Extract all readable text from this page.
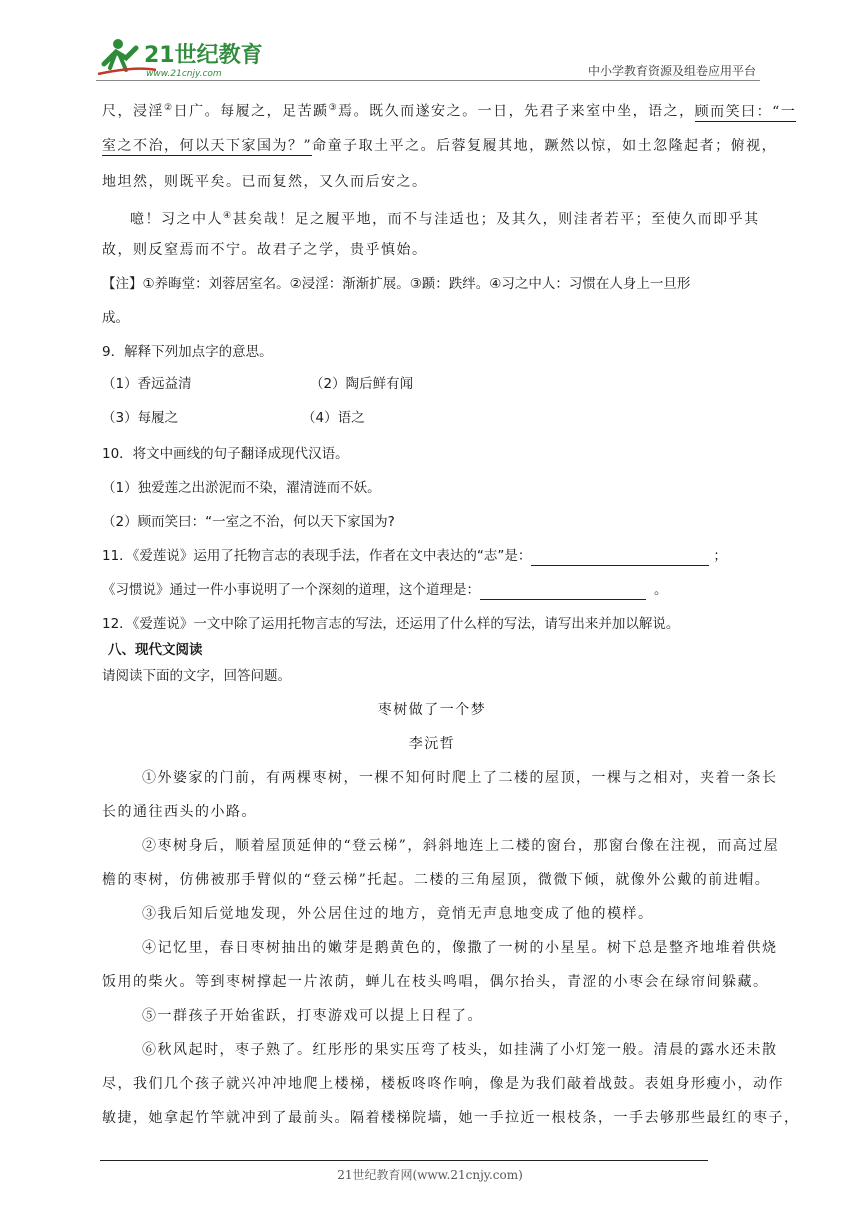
21世纪教育
www.21cnjy.com	中小学教育资源及组卷应用平台
尺，浸淫②日广。每履之，足苦踬③焉。既久而遂安之。一日，先君子来室中坐，语之，顾而笑曰：“一
室之不治，何以天下家国为？”命童子取土平之。后蓉复履其地，蹶然以惊，如土忽隆起者；俯视，
地坦然，则既平矣。已而复然，又久而后安之。
噫！习之中人④甚矣哉！足之履平地，而不与洼适也；及其久，则洼者若平；至使久而即乎其
故，则反窒焉而不宁。故君子之学，贵乎慎始。
【注】①养晦堂：刘蓉居室名。②浸淫：渐渐扩展。③踬：跌绊。④习之中人：习惯在人身上一旦形
成。
9．解释下列加点字的意思。
（1）香远益清	（2）陶后鲜有闻
（3）每履之	（4）语之
10．将文中画线的句子翻译成现代汉语。
（1）独爱莲之出淤泥而不染，濯清涟而不妖。
（2）顾而笑曰：“一室之不治，何以天下家国为?
11．《爱莲说》运用了托物言志的表现手法，作者在文中表达的“志”是：	；
《习惯说》通过一件小事说明了一个深刻的道理，这个道理是：	。
12．《爱莲说》一文中除了运用托物言志的写法，还运用了什么样的写法，请写出来并加以解说。
八、现代文阅读
请阅读下面的文字，回答问题。
枣树做了一个梦
李沅哲
①外婆家的门前，有两棵枣树，一棵不知何时爬上了二楼的屋顶，一棵与之相对，夹着一条长
长的通往西头的小路。
②枣树身后，顺着屋顶延伸的“登云梯”，斜斜地连上二楼的窗台，那窗台像在注视，而高过屋
檐的枣树，仿佛被那手臂似的“登云梯”托起。二楼的三角屋顶，微微下倾，就像外公戴的前进帽。
③我后知后觉地发现，外公居住过的地方，竟悄无声息地变成了他的模样。
④记忆里，春日枣树抽出的嫩芽是鹅黄色的，像撒了一树的小星星。树下总是整齐地堆着供烧
饭用的柴火。等到枣树撑起一片浓荫，蝉儿在枝头鸣唱，偶尔抬头，青涩的小枣会在绿帘间躲藏。
⑤一群孩子开始雀跃，打枣游戏可以提上日程了。
⑥秋风起时，枣子熟了。红彤彤的果实压弯了枝头，如挂满了小灯笼一般。清晨的露水还未散
尽，我们几个孩子就兴冲冲地爬上楼梯，楼板咚咚作响，像是为我们敲着战鼓。表姐身形瘦小，动作
敏捷，她拿起竹竿就冲到了最前头。隔着楼梯院墙，她一手拉近一根枝条，一手去够那些最红的枣子，
21世纪教育网(www.21cnjy.com)
